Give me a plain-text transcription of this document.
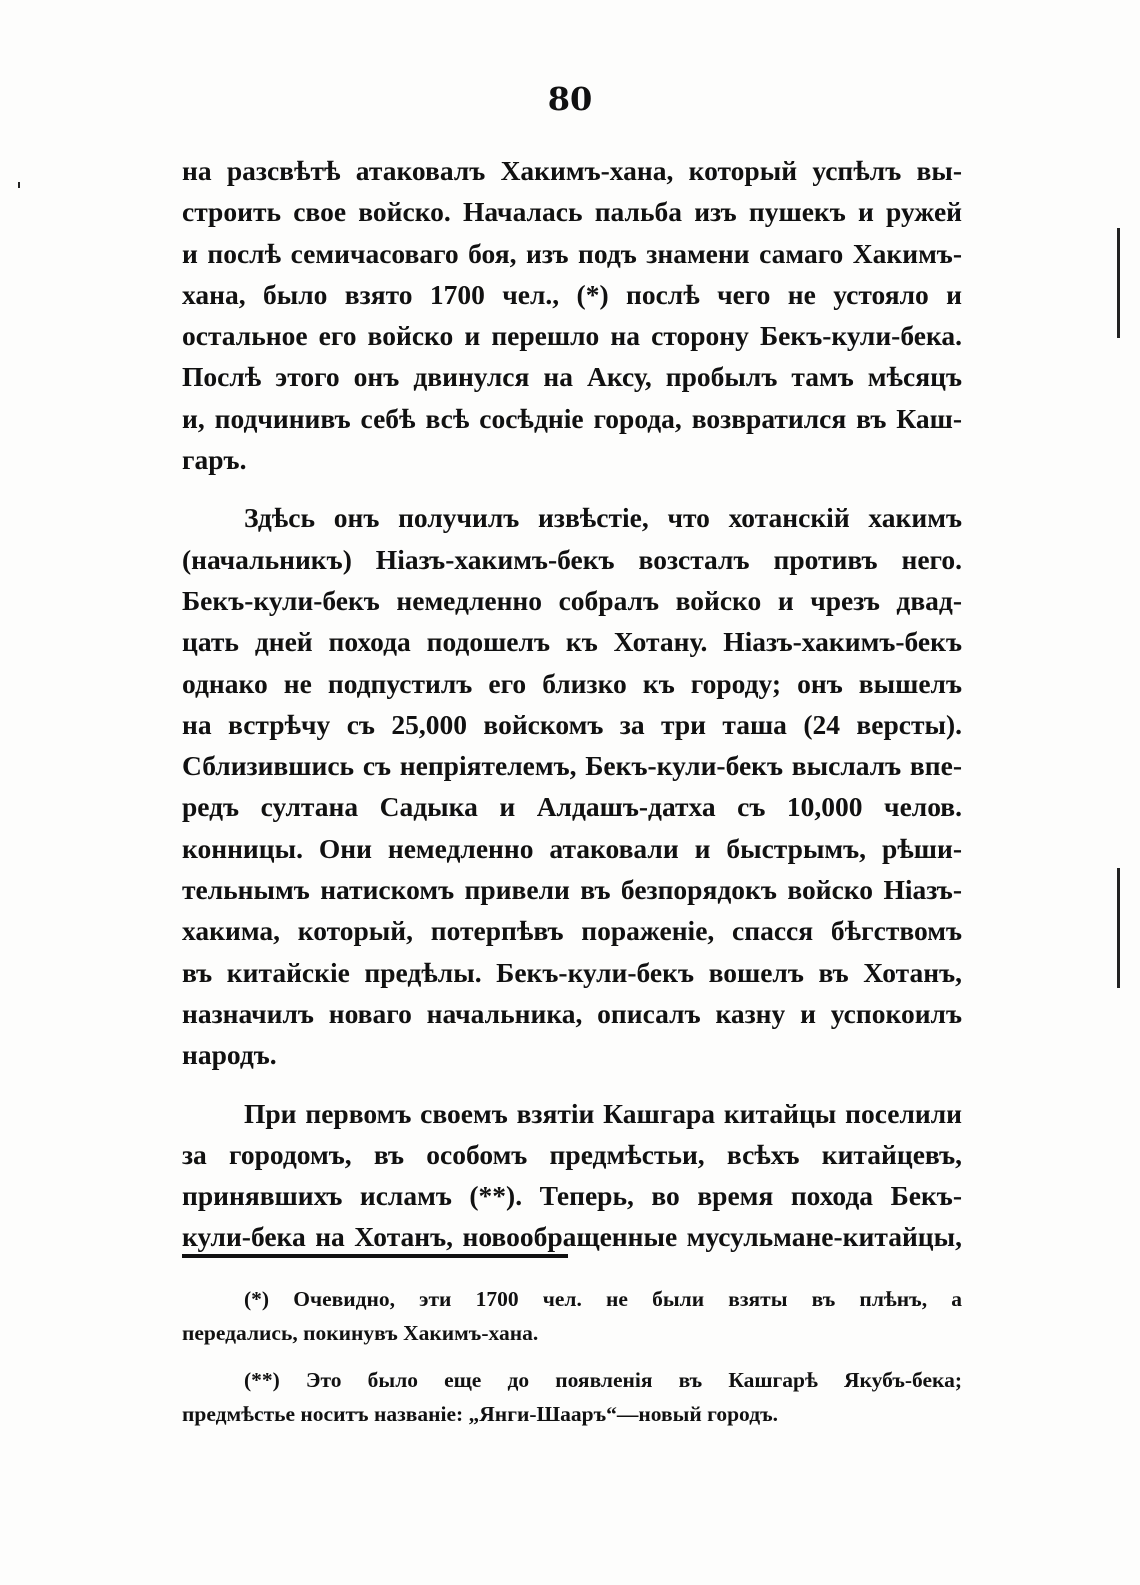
80
на разсвѣтѣ атаковалъ Хакимъ-хана, который успѣлъ вы-
строить свое войско. Началась пальба изъ пушекъ и ружей
и послѣ семичасоваго боя, изъ подъ знамени самаго Хакимъ-
хана, было взято 1700 чел., (*) послѣ чего не устояло и
остальное его войско и перешло на сторону Бекъ-кули-бека.
Послѣ этого онъ двинулся на Аксу, пробылъ тамъ мѣсяцъ
и, подчинивъ себѣ всѣ сосѣдніе города, возвратился въ Каш-
гаръ.
Здѣсь онъ получилъ извѣстіе, что хотанскій хакимъ
(начальникъ) Ніазъ-хакимъ-бекъ возсталъ противъ него.
Бекъ-кули-бекъ немедленно собралъ войско и чрезъ двад-
цать дней похода подошелъ къ Хотану. Ніазъ-хакимъ-бекъ
однако не подпустилъ его близко къ городу; онъ вышелъ
на встрѣчу съ 25,000 войскомъ за три таша (24 версты).
Сблизившись съ непріятелемъ, Бекъ-кули-бекъ выслалъ впе-
редъ султана Садыка и Алдашъ-датха съ 10,000 челов.
конницы. Они немедленно атаковали и быстрымъ, рѣши-
тельнымъ натискомъ привели въ безпорядокъ войско Ніазъ-
хакима, который, потерпѣвъ пораженіе, спасся бѣгствомъ
въ китайскіе предѣлы. Бекъ-кули-бекъ вошелъ въ Хотанъ,
назначилъ новаго начальника, описалъ казну и успокоилъ
народъ.
При первомъ своемъ взятіи Кашгара китайцы поселили
за городомъ, въ особомъ предмѣстьи, всѣхъ китайцевъ,
принявшихъ исламъ (**). Теперь, во время похода Бекъ-
кули-бека на Хотанъ, новообращенные мусульмане-китайцы,
(*) Очевидно, эти 1700 чел. не были взяты въ плѣнъ, а
передались, покинувъ Хакимъ-хана.
(**) Это было еще до появленія въ Кашгарѣ Якубъ-бека;
предмѣстье носитъ названіе: „Янги-Шааръ“—новый городъ.
